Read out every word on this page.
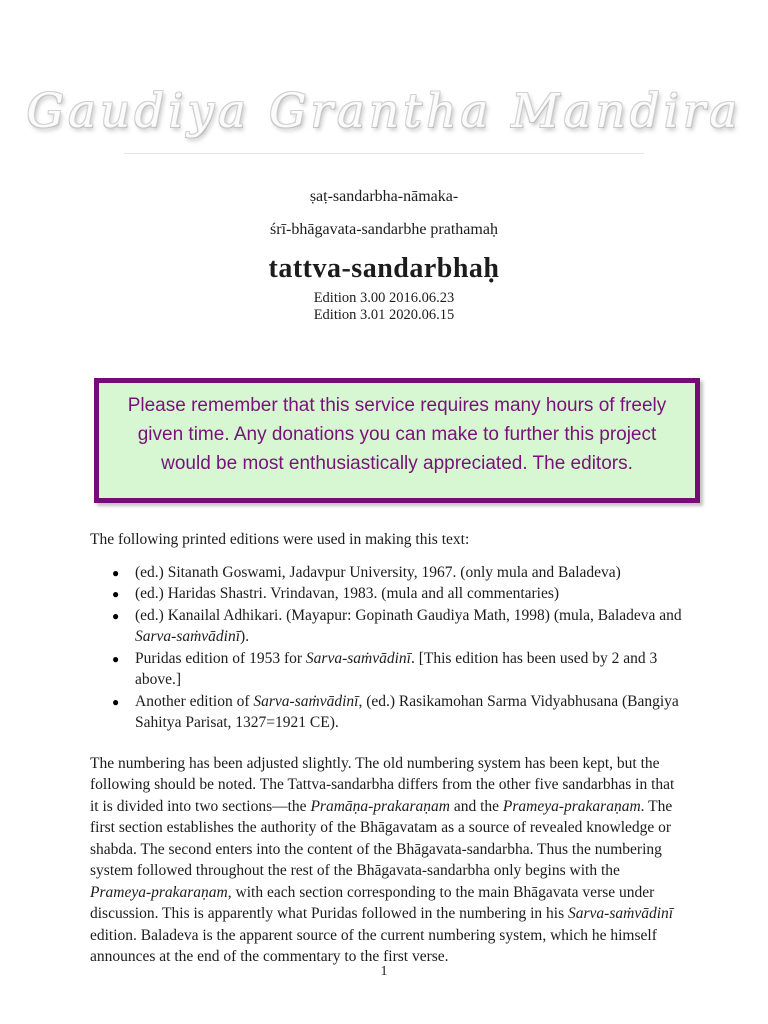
Gaudiya Grantha Mandira
ṣaṭ-sandarbha-nāmaka-
śrī-bhāgavata-sandarbhe prathamaḥ
tattva-sandarbhaḥ
Edition 3.00 2016.06.23
Edition 3.01 2020.06.15
Please remember that this service requires many hours of freely given time. Any donations you can make to further this project would be most enthusiastically appreciated. The editors.

The following printed editions were used in making this text:

● (ed.) Sitanath Goswami, Jadavpur University, 1967. (only mula and Baladeva)
● (ed.) Haridas Shastri. Vrindavan, 1983. (mula and all commentaries)
● (ed.) Kanailal Adhikari. (Mayapur: Gopinath Gaudiya Math, 1998) (mula, Baladeva and Sarva-saṁvādinī).
● Puridas edition of 1953 for Sarva-saṁvādinī. [This edition has been used by 2 and 3 above.]
● Another edition of Sarva-saṁvādinī, (ed.) Rasikamohan Sarma Vidyabhusana (Bangiya Sahitya Parisat, 1327=1921 CE).

The numbering has been adjusted slightly. The old numbering system has been kept, but the following should be noted. The Tattva-sandarbha differs from the other five sandarbhas in that it is divided into two sections—the Pramāṇa-prakaraṇam and the Prameya-prakaraṇam. The first section establishes the authority of the Bhāgavatam as a source of revealed knowledge or shabda. The second enters into the content of the Bhāgavata-sandarbha. Thus the numbering system followed throughout the rest of the Bhāgavata-sandarbha only begins with the Prameya-prakaraṇam, with each section corresponding to the main Bhāgavata verse under discussion. This is apparently what Puridas followed in the numbering in his Sarva-saṁvādinī edition. Baladeva is the apparent source of the current numbering system, which he himself announces at the end of the commentary to the first verse.

1
